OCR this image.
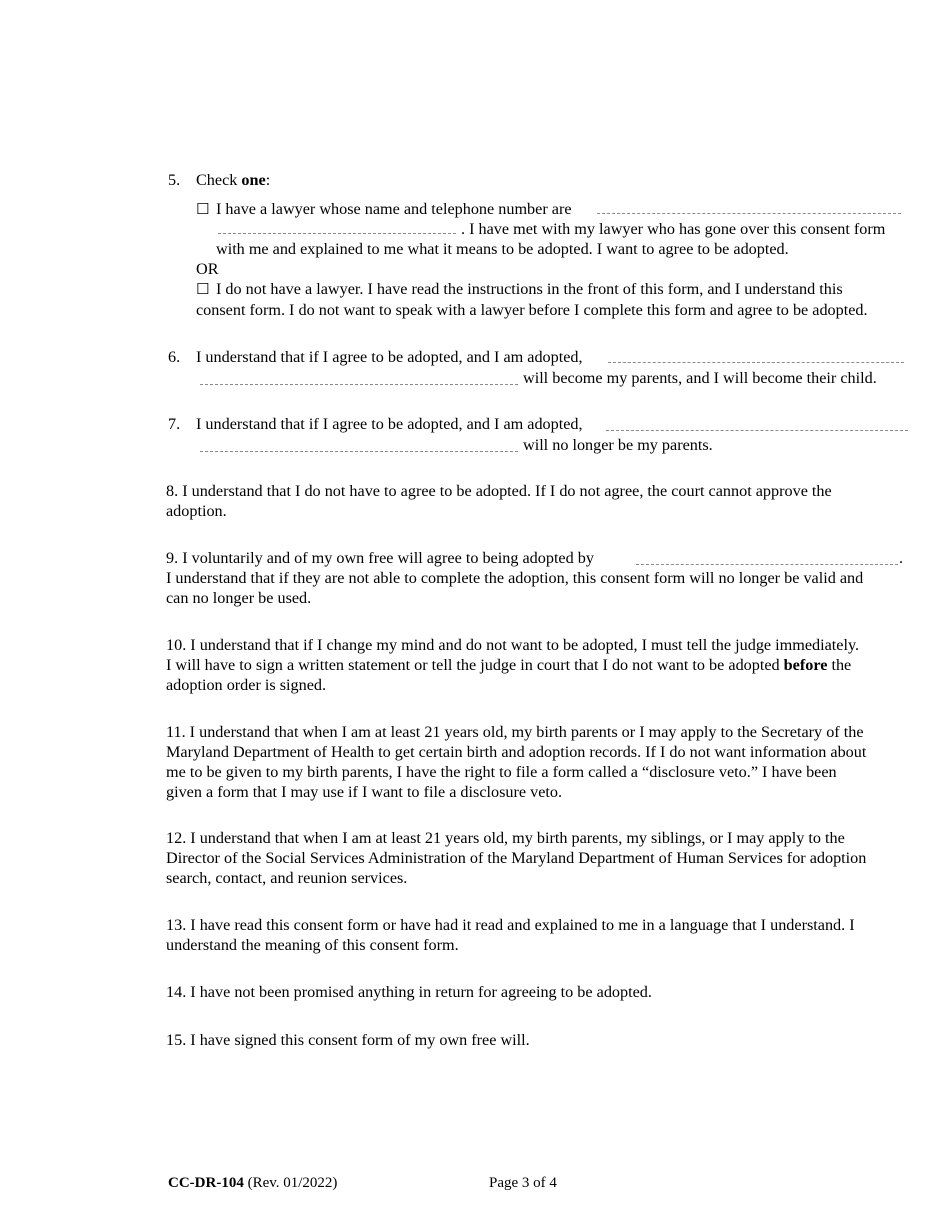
5. Check one:
☐ I have a lawyer whose name and telephone number are
. I have met with my lawyer who has gone over this consent form
with me and explained to me what it means to be adopted. I want to agree to be adopted.
OR
☐ I do not have a lawyer. I have read the instructions in the front of this form, and I understand this
consent form. I do not want to speak with a lawyer before I complete this form and agree to be adopted.
6. I understand that if I agree to be adopted, and I am adopted,
will become my parents, and I will become their child.
7. I understand that if I agree to be adopted, and I am adopted,
will no longer be my parents.
8. I understand that I do not have to agree to be adopted. If I do not agree, the court cannot approve the
adoption.
9. I voluntarily and of my own free will agree to being adopted by	.
I understand that if they are not able to complete the adoption, this consent form will no longer be valid and
can no longer be used.
10. I understand that if I change my mind and do not want to be adopted, I must tell the judge immediately.
I will have to sign a written statement or tell the judge in court that I do not want to be adopted before the
adoption order is signed.
11. I understand that when I am at least 21 years old, my birth parents or I may apply to the Secretary of the
Maryland Department of Health to get certain birth and adoption records. If I do not want information about
me to be given to my birth parents, I have the right to file a form called a “disclosure veto.” I have been
given a form that I may use if I want to file a disclosure veto.
12. I understand that when I am at least 21 years old, my birth parents, my siblings, or I may apply to the
Director of the Social Services Administration of the Maryland Department of Human Services for adoption
search, contact, and reunion services.
13. I have read this consent form or have had it read and explained to me in a language that I understand. I
understand the meaning of this consent form.
14. I have not been promised anything in return for agreeing to be adopted.
15. I have signed this consent form of my own free will.
CC-DR-104 (Rev. 01/2022)	Page 3 of 4
